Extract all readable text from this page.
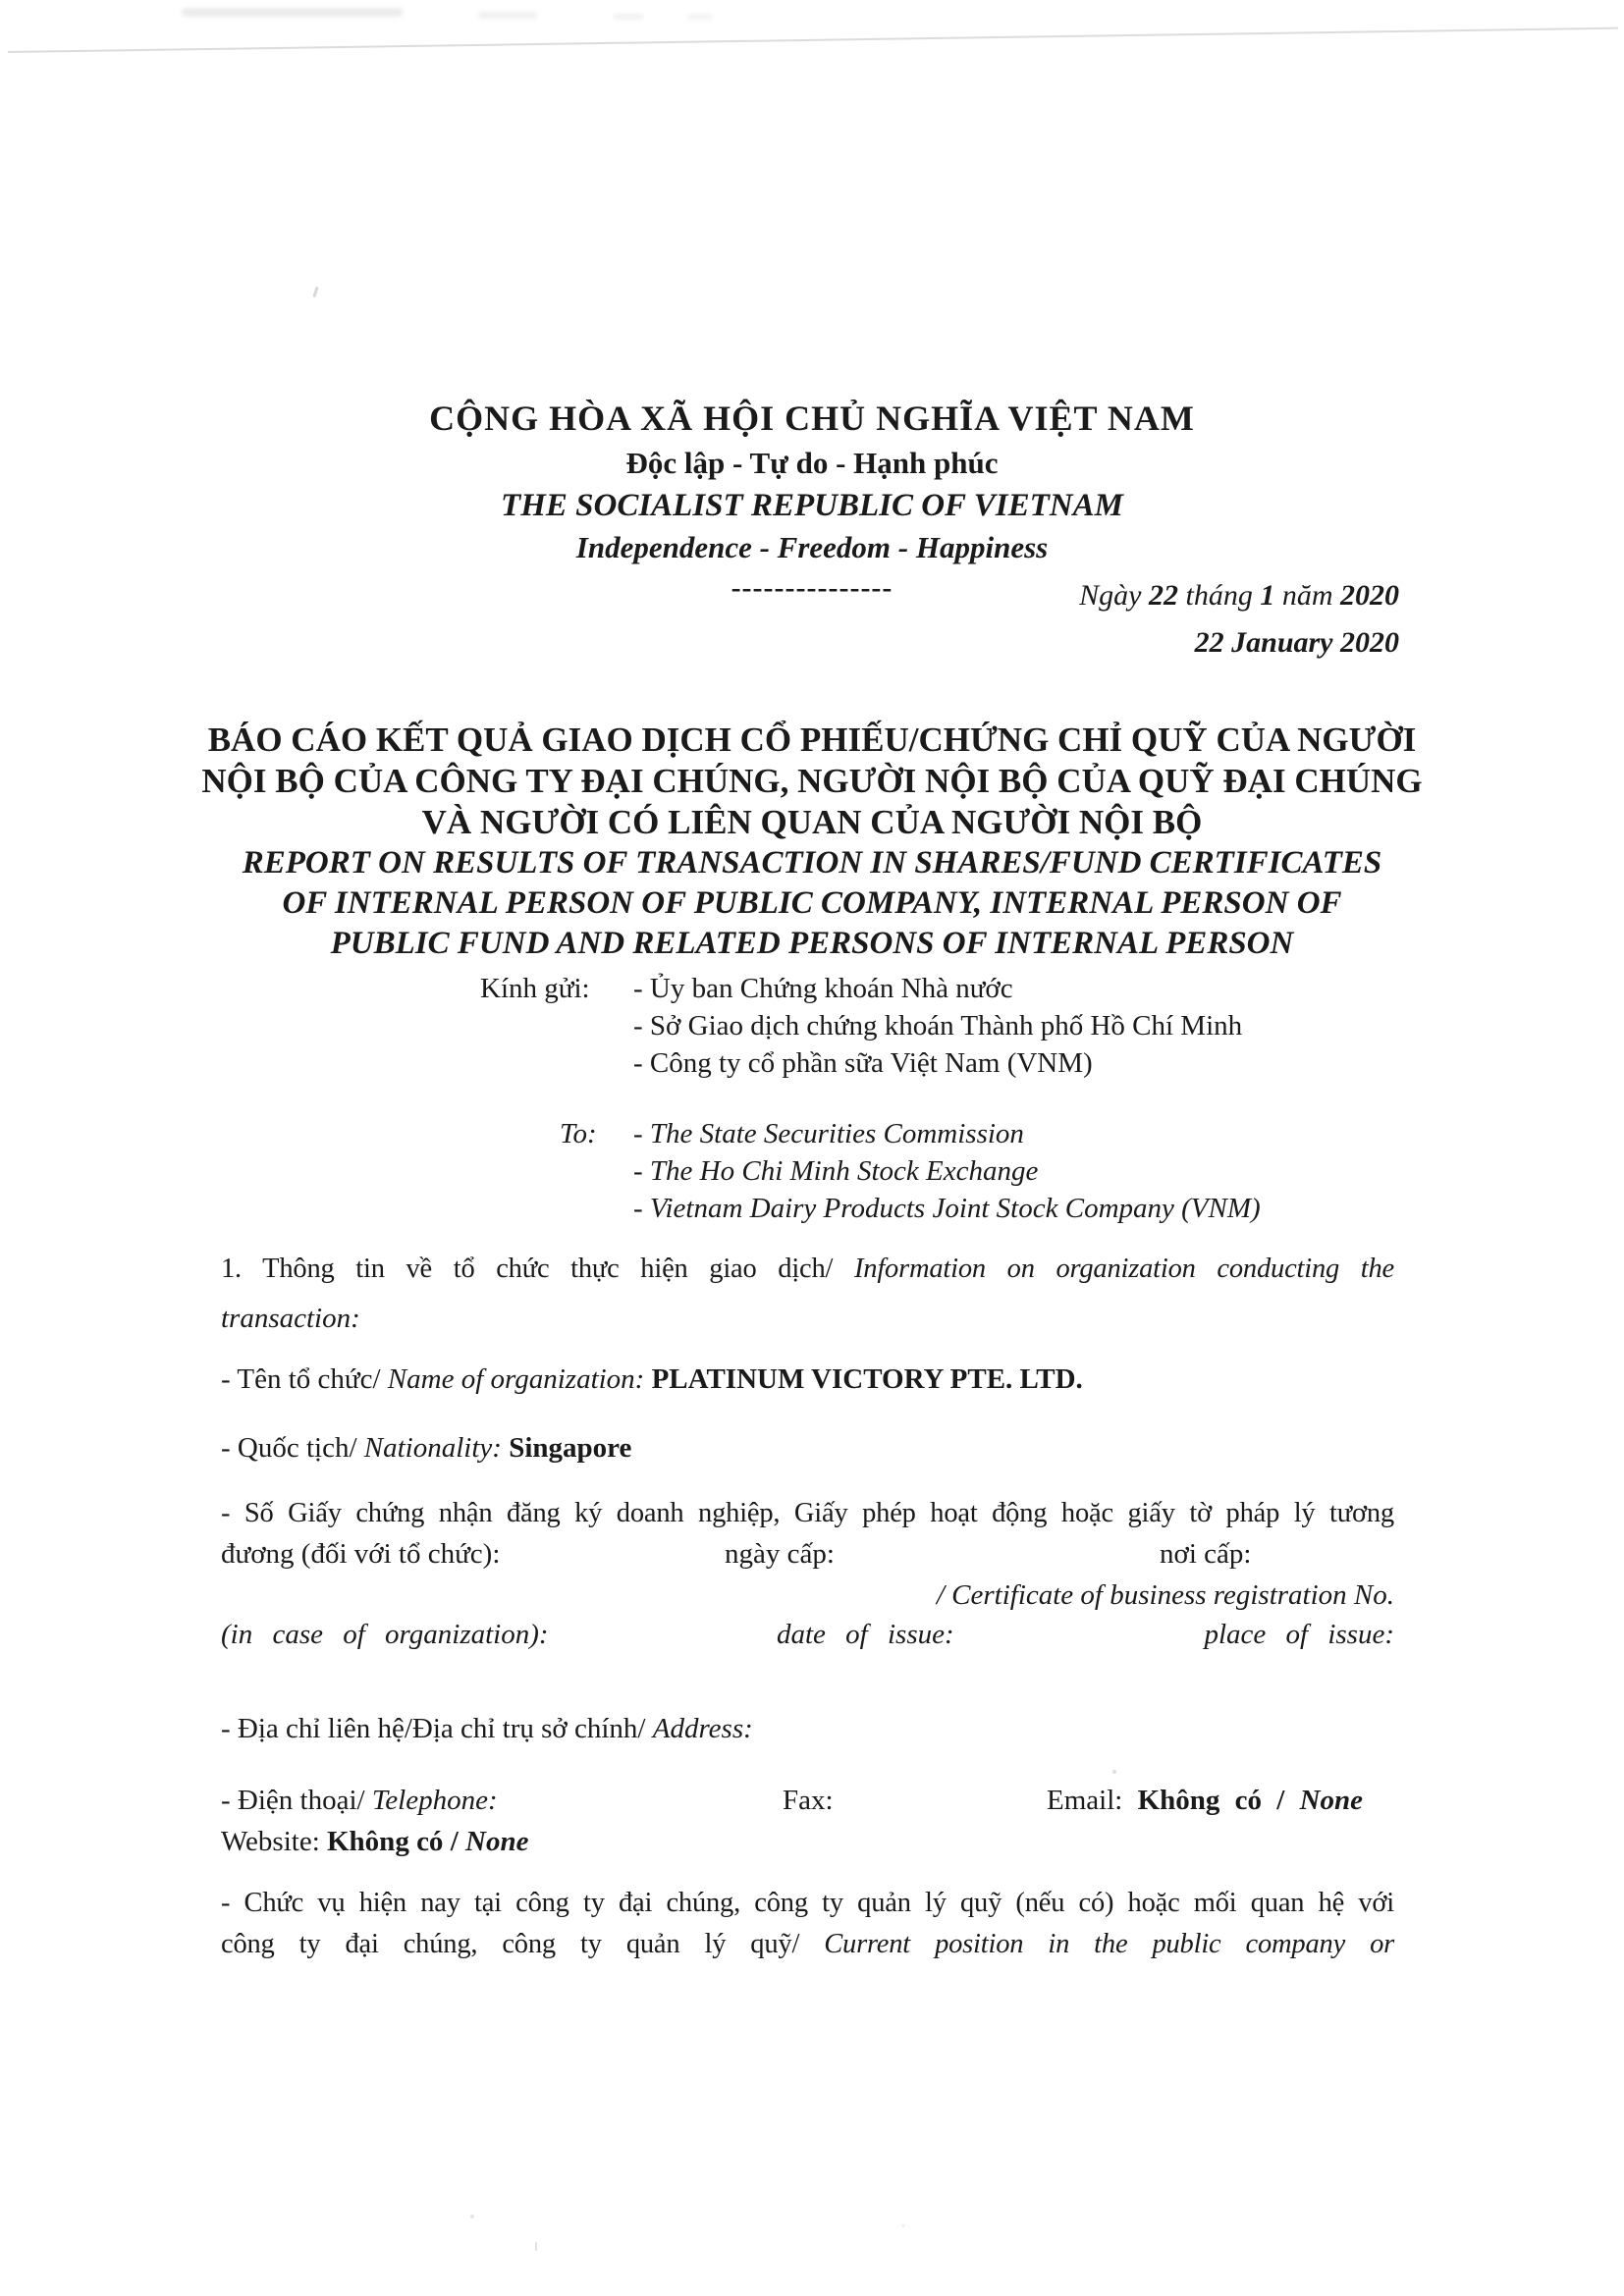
CỘNG HÒA XÃ HỘI CHỦ NGHĨA VIỆT NAM
Độc lập - Tự do - Hạnh phúc
THE SOCIALIST REPUBLIC OF VIETNAM
Independence - Freedom - Happiness
---------------	Ngày 22 tháng 1 năm 2020
22 January 2020
BÁO CÁO KẾT QUẢ GIAO DỊCH CỔ PHIẾU/CHỨNG CHỈ QUỸ CỦA NGƯỜI
NỘI BỘ CỦA CÔNG TY ĐẠI CHÚNG, NGƯỜI NỘI BỘ CỦA QUỸ ĐẠI CHÚNG
VÀ NGƯỜI CÓ LIÊN QUAN CỦA NGƯỜI NỘI BỘ
REPORT ON RESULTS OF TRANSACTION IN SHARES/FUND CERTIFICATES
OF INTERNAL PERSON OF PUBLIC COMPANY, INTERNAL PERSON OF
PUBLIC FUND AND RELATED PERSONS OF INTERNAL PERSON
Kính gửi:	- Ủy ban Chứng khoán Nhà nước
- Sở Giao dịch chứng khoán Thành phố Hồ Chí Minh
- Công ty cổ phần sữa Việt Nam (VNM)
To:	- The State Securities Commission
- The Ho Chi Minh Stock Exchange
- Vietnam Dairy Products Joint Stock Company (VNM)
1. Thông tin về tổ chức thực hiện giao dịch/ Information on organization conducting the
transaction:
- Tên tổ chức/ Name of organization: PLATINUM VICTORY PTE. LTD.
- Quốc tịch/ Nationality: Singapore
- Số Giấy chứng nhận đăng ký doanh nghiệp, Giấy phép hoạt động hoặc giấy tờ pháp lý tương
đương (đối với tổ chức):	ngày cấp:	nơi cấp:
/ Certificate of business registration No.
(in case of organization):	date of issue:	place of issue:
- Địa chỉ liên hệ/Địa chỉ trụ sở chính/ Address:
- Điện thoại/ Telephone:	Fax:	Email: Không có / None
Website: Không có / None
- Chức vụ hiện nay tại công ty đại chúng, công ty quản lý quỹ (nếu có) hoặc mối quan hệ với
công ty đại chúng, công ty quản lý quỹ/ Current position in the public company or
